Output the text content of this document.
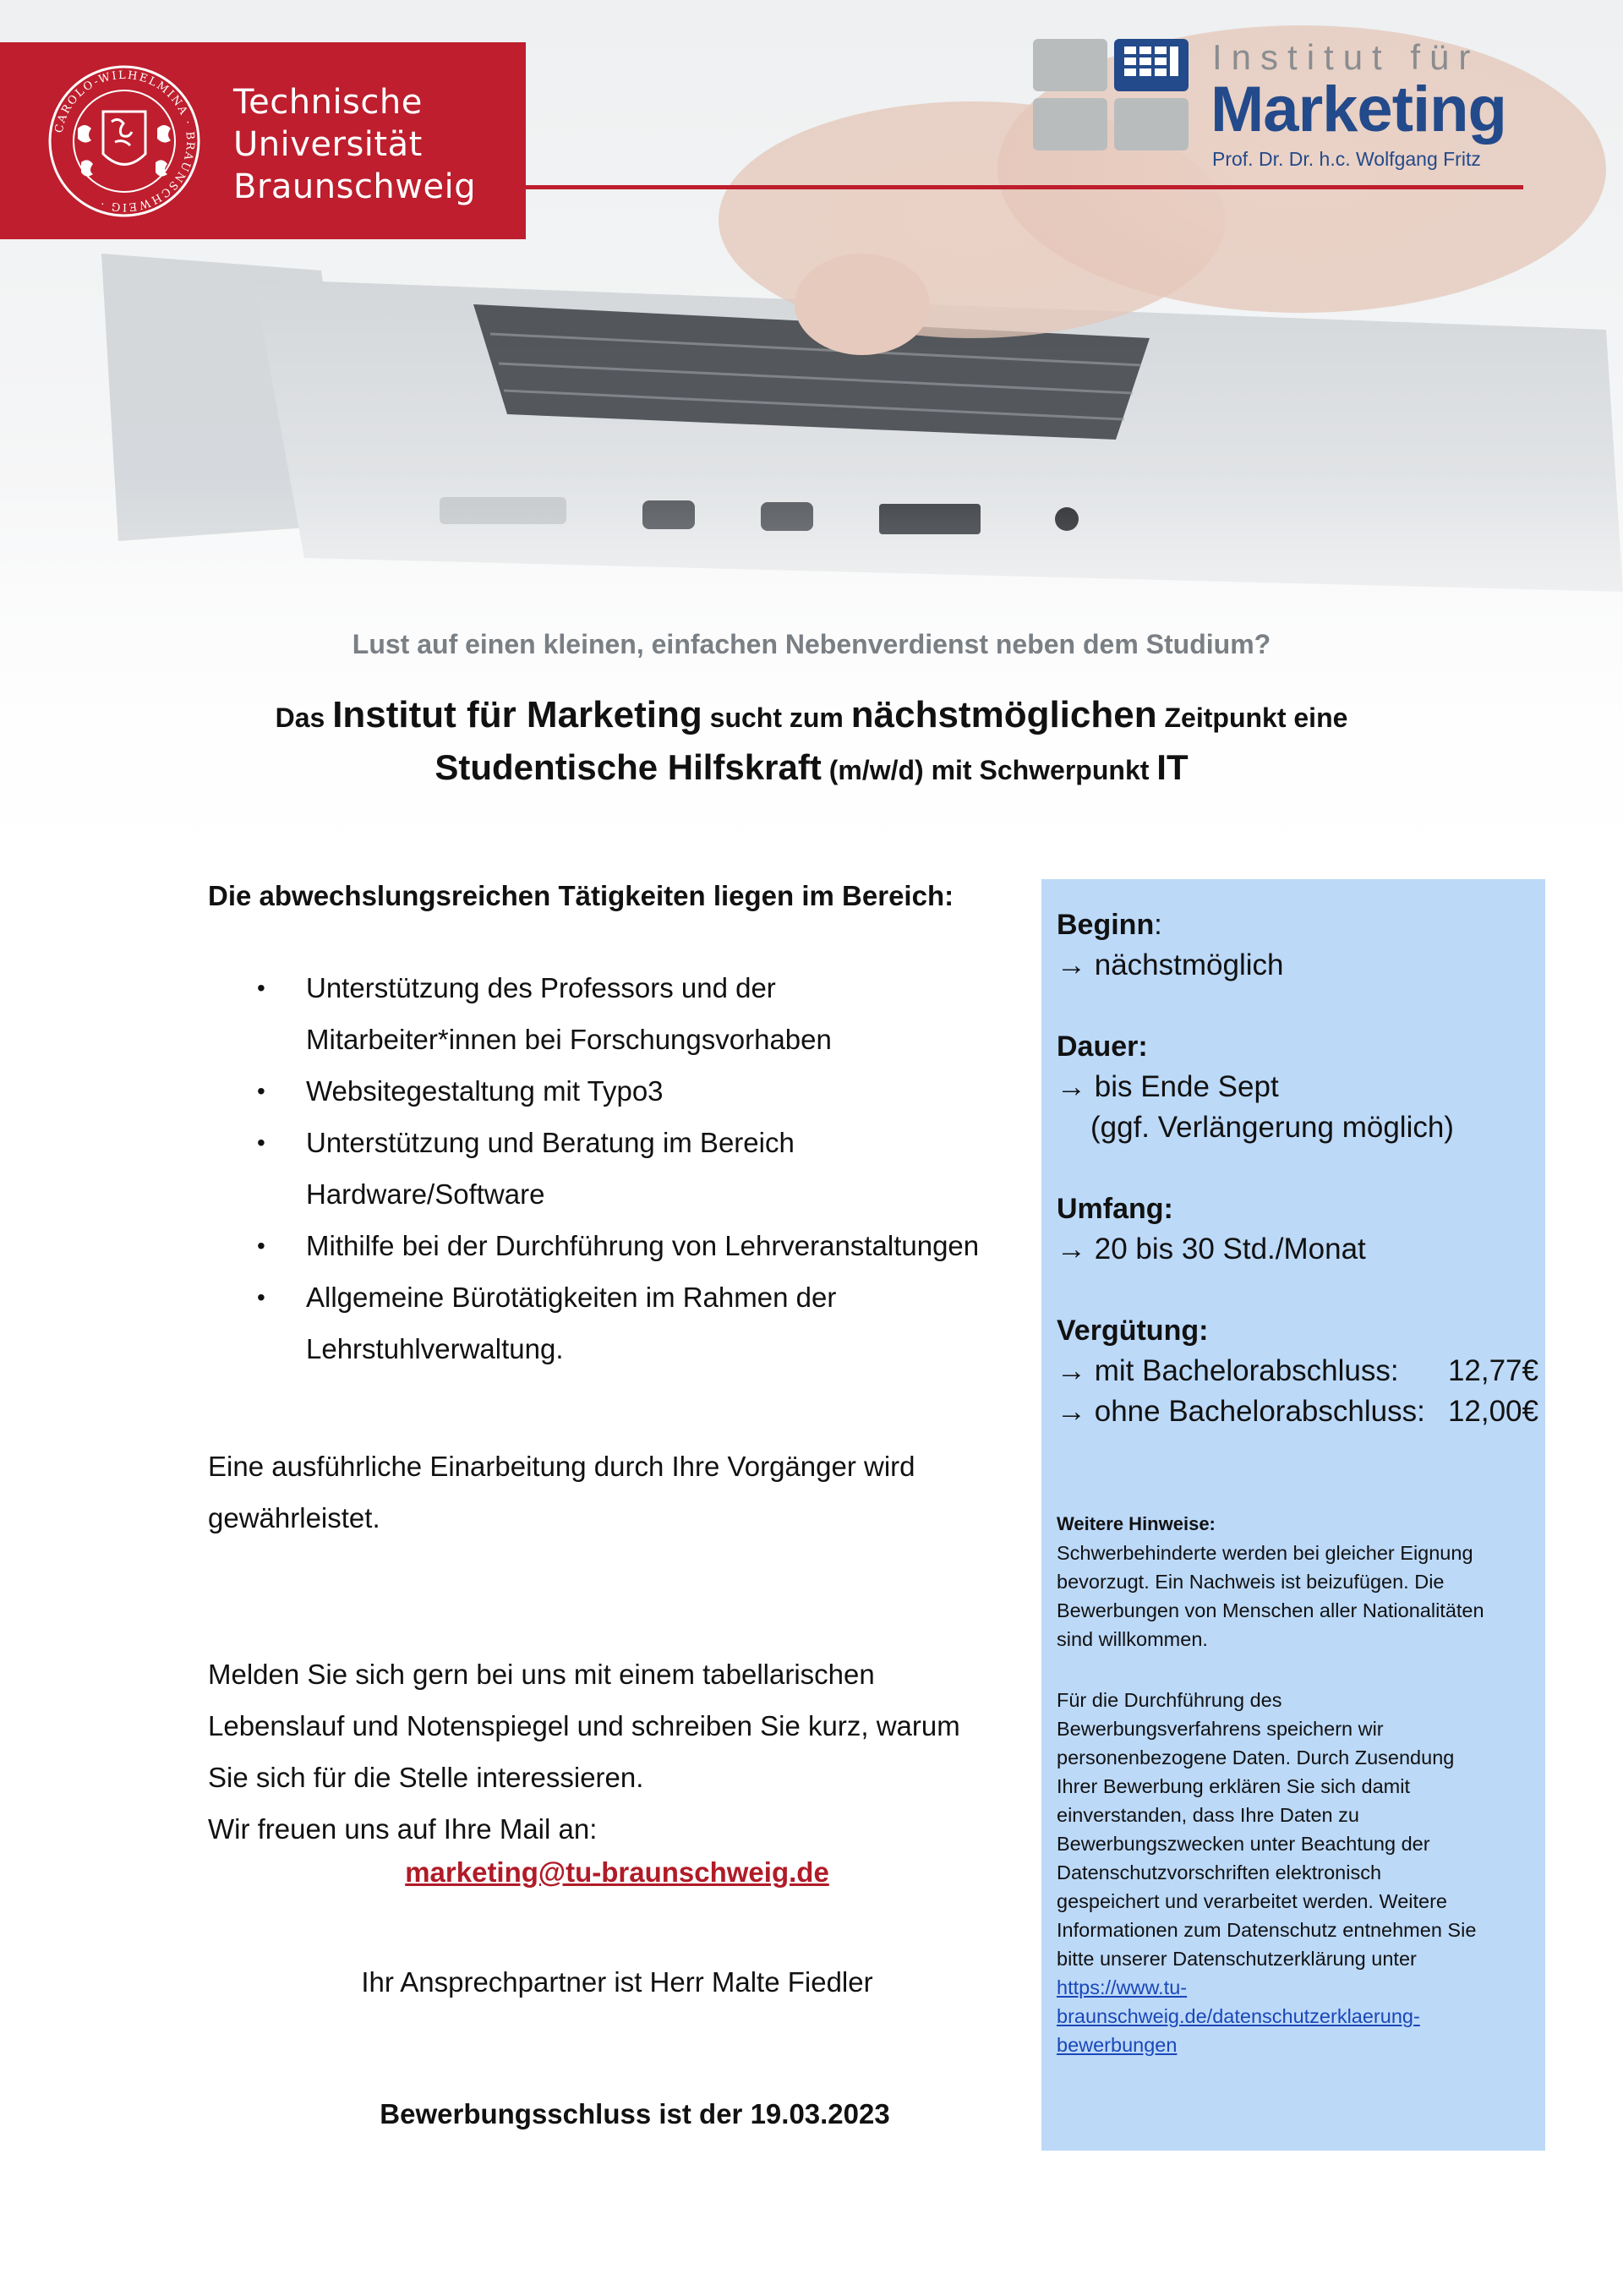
CAROLO-WILHELMINA · BRAUNSCHWEIG ·
Technische
Universität
Braunschweig
Institut für
Marketing
Prof. Dr. Dr. h.c. Wolfgang Fritz
Lust auf einen kleinen, einfachen Nebenverdienst neben dem Studium?
Das Institut für Marketing sucht zum nächstmöglichen Zeitpunkt eine
Studentische Hilfskraft (m/w/d) mit Schwerpunkt IT

Die abwechslungsreichen Tätigkeiten liegen im Bereich:

• Unterstützung des Professors und der
Mitarbeiter*innen bei Forschungsvorhaben
• Websitegestaltung mit Typo3
• Unterstützung und Beratung im Bereich
Hardware/Software
• Mithilfe bei der Durchführung von Lehrveranstaltungen
• Allgemeine Bürotätigkeiten im Rahmen der
Lehrstuhlverwaltung.

Eine ausführliche Einarbeitung durch Ihre Vorgänger wird

gewährleistet.

Melden Sie sich gern bei uns mit einem tabellarischen

Lebenslauf und Notenspiegel und schreiben Sie kurz, warum

Sie sich für die Stelle interessieren.

Wir freuen uns auf Ihre Mail an:

marketing@tu-braunschweig.de
Ihr Ansprechpartner ist Herr Malte Fiedler
Bewerbungsschluss ist der 19.03.2023
Beginn:
→ nächstmöglich
Dauer:
→ bis Ende Sept
(ggf. Verlängerung möglich)
Umfang:
→ 20 bis 30 Std./Monat
Vergütung:
→ mit Bachelorabschluss: 12,77€
→ ohne Bachelorabschluss: 12,00€
Weitere Hinweise:
Schwerbehinderte werden bei gleicher Eignung
bevorzugt. Ein Nachweis ist beizufügen. Die
Bewerbungen von Menschen aller Nationalitäten
sind willkommen.
Für die Durchführung des
Bewerbungsverfahrens speichern wir
personenbezogene Daten. Durch Zusendung
Ihrer Bewerbung erklären Sie sich damit
einverstanden, dass Ihre Daten zu
Bewerbungszwecken unter Beachtung der
Datenschutzvorschriften elektronisch
gespeichert und verarbeitet werden. Weitere
Informationen zum Datenschutz entnehmen Sie
bitte unserer Datenschutzerklärung unter
https://www.tu-
braunschweig.de/datenschutzerklaerung-
bewerbungen
